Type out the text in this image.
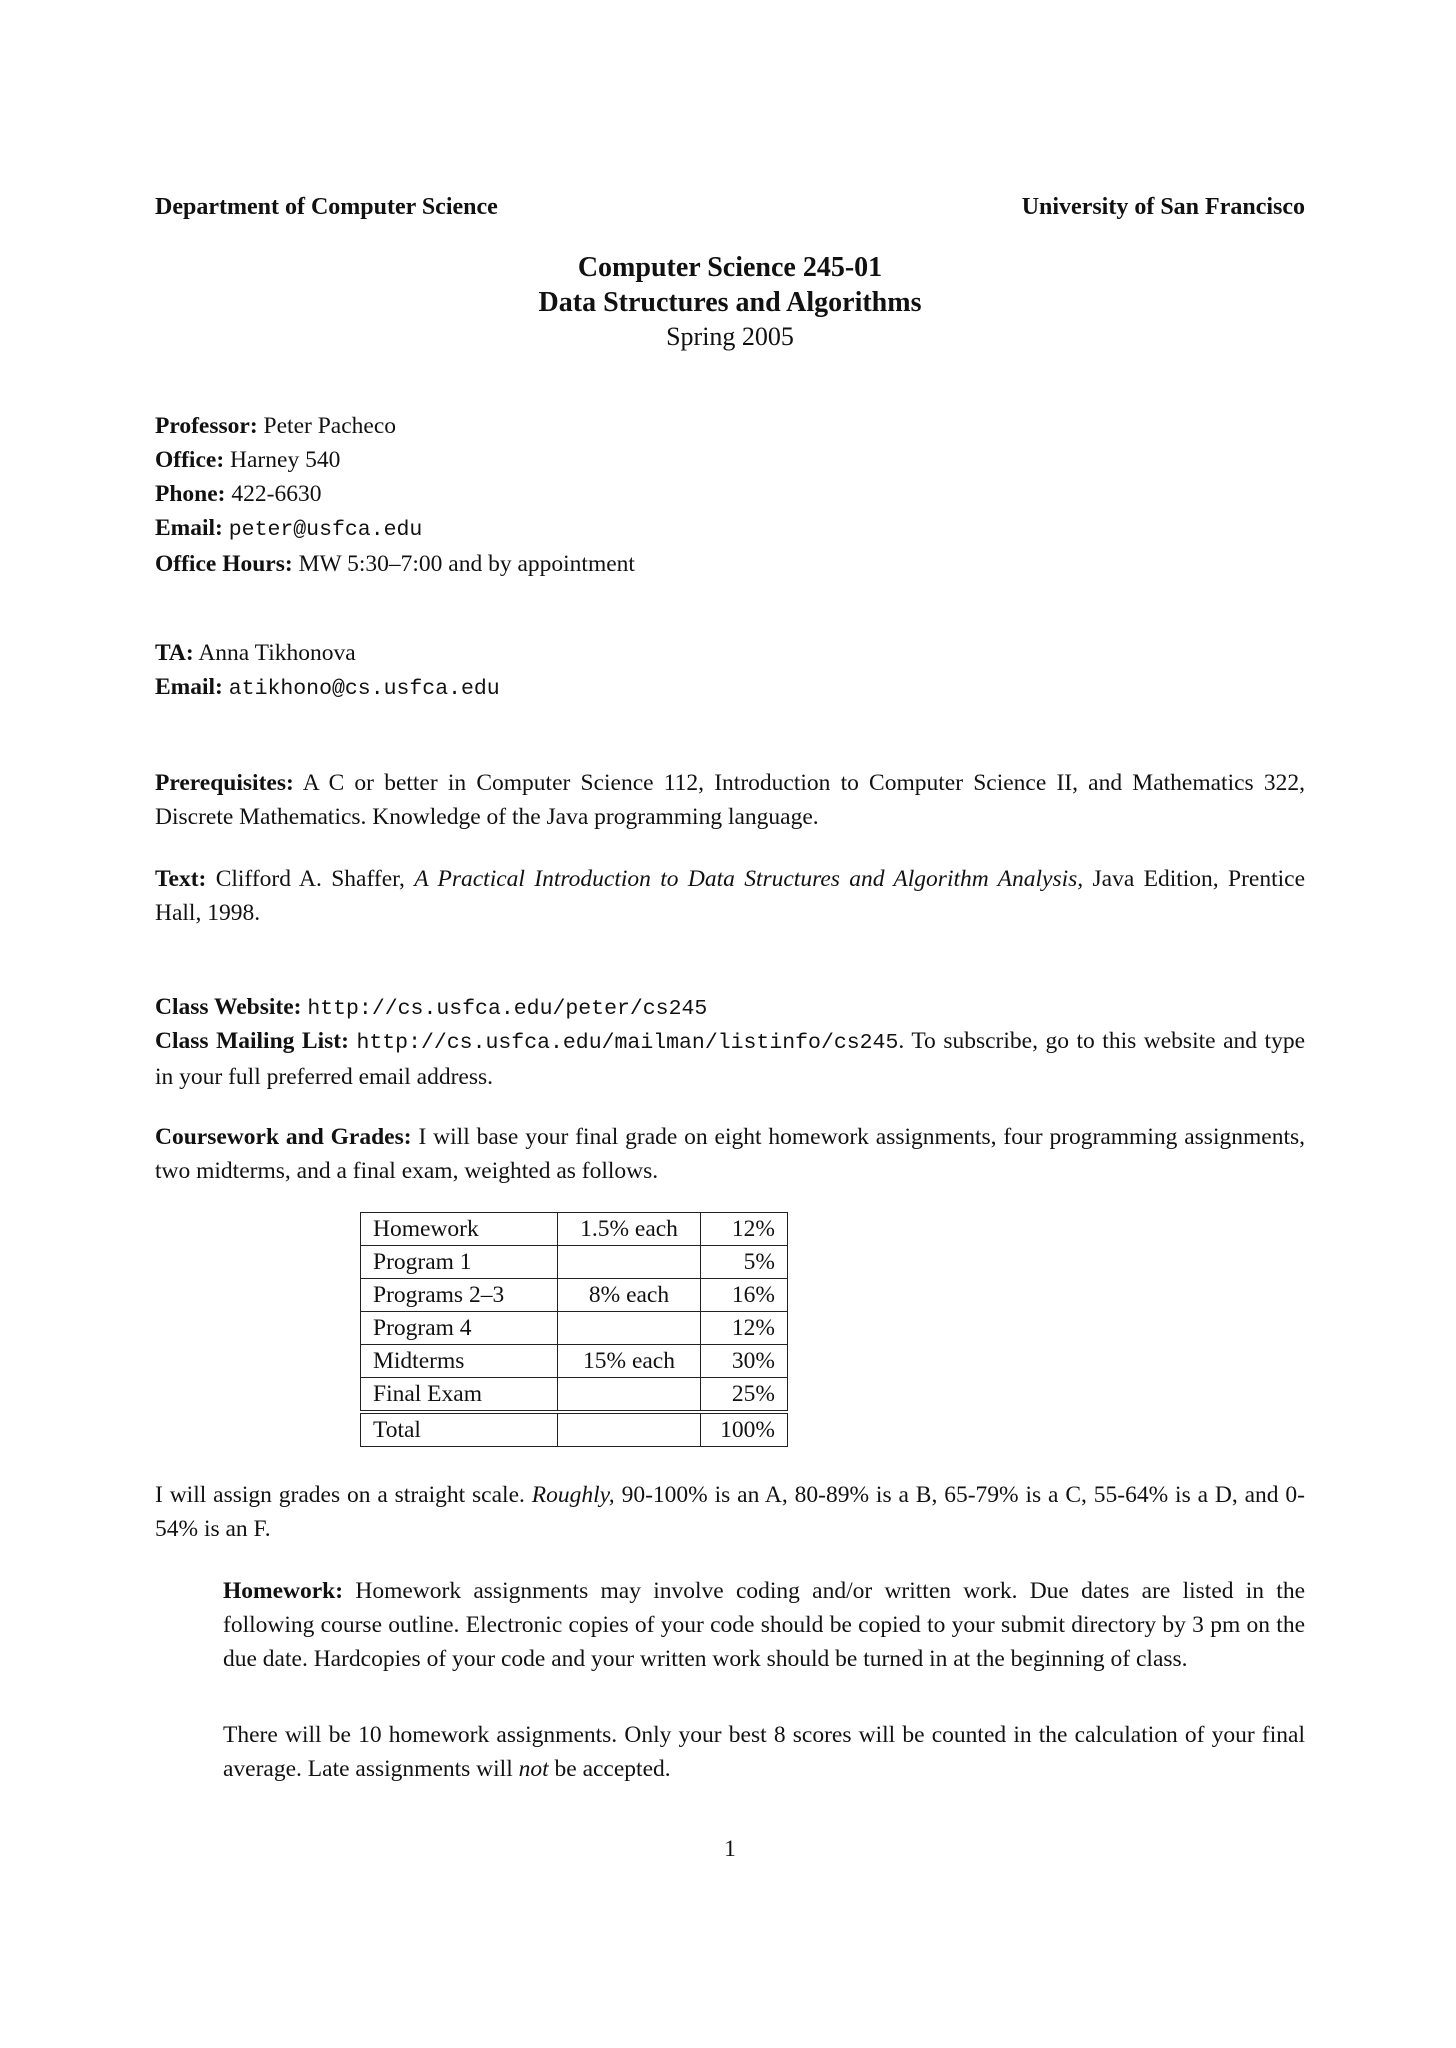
Department of Computer Science	University of San Francisco
Computer Science 245-01
Data Structures and Algorithms
Spring 2005
Professor: Peter Pacheco
Office: Harney 540
Phone: 422-6630
Email: peter@usfca.edu
Office Hours: MW 5:30–7:00 and by appointment
TA: Anna Tikhonova
Email: atikhono@cs.usfca.edu
Prerequisites: A C or better in Computer Science 112, Introduction to Computer Science II, and Mathematics 322, Discrete Mathematics. Knowledge of the Java programming language.
Text: Clifford A. Shaffer, A Practical Introduction to Data Structures and Algorithm Analysis, Java Edition, Prentice Hall, 1998.
Class Website: http://cs.usfca.edu/peter/cs245
Class Mailing List: http://cs.usfca.edu/mailman/listinfo/cs245. To subscribe, go to this website and type in your full preferred email address.
Coursework and Grades: I will base your final grade on eight homework assignments, four programming assignments, two midterms, and a final exam, weighted as follows.
I will assign grades on a straight scale. Roughly, 90-100% is an A, 80-89% is a B, 65-79% is a C, 55-64% is a D, and 0-54% is an F.
Homework: Homework assignments may involve coding and/or written work. Due dates are listed in the following course outline. Electronic copies of your code should be copied to your submit directory by 3 pm on the due date. Hardcopies of your code and your written work should be turned in at the beginning of class.
There will be 10 homework assignments. Only your best 8 scores will be counted in the calculation of your final average. Late assignments will not be accepted.
1
Homework	1.5% each	12%
Program 1		5%
Programs 2–3	8% each	16%
Program 4		12%
Midterms	15% each	30%
Final Exam		25%
Total		100%
